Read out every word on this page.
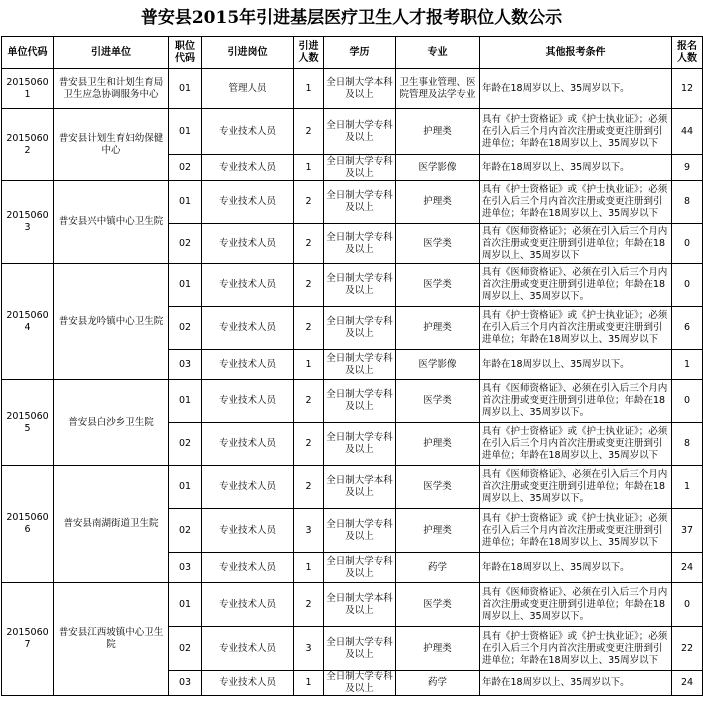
普安县2015年引进基层医疗卫生人才报考职位人数公示
单位代码	引进单位	职位代码	引进岗位	引进人数	学历	专业	其他报考条件	报名人数
20150601	普安县卫生和计划生育局卫生应急协调服务中心	01	管理人员	1	全日制大学本科及以上	卫生事业管理、医院管理及法学专业	年龄在18周岁以上、35周岁以下。	12
20150602	普安县计划生育妇幼保健中心	01	专业技术人员	2	全日制大学专科及以上	护理类	具有《护士资格证》或《护士执业证》；必须在引入后三个月内首次注册或变更注册到引进单位；年龄在18周岁以上、35周岁以下	44
		02	专业技术人员	1	全日制大学专科及以上	医学影像	年龄在18周岁以上、35周岁以下。	9
20150603	普安县兴中镇中心卫生院	01	专业技术人员	2	全日制大学专科及以上	护理类	具有《护士资格证》或《护士执业证》；必须在引入后三个月内首次注册或变更注册到引进单位；年龄在18周岁以上、35周岁以下	8
		02	专业技术人员	2	全日制大学专科及以上	医学类	具有《医师资格证》；必须在引入后三个月内首次注册或变更注册到引进单位；年龄在18周岁以上、35周岁以下	0
20150604	普安县龙吟镇中心卫生院	01	专业技术人员	2	全日制大学专科及以上	医学类	具有《医师资格证》、必须在引入后三个月内首次注册或变更注册到引进单位；年龄在18周岁以上、35周岁以下。	0
		02	专业技术人员	2	全日制大学专科及以上	护理类	具有《护士资格证》或《护士执业证》；必须在引入后三个月内首次注册或变更注册到引进单位；年龄在18周岁以上、35周岁以下	6
		03	专业技术人员	1	全日制大学专科及以上	医学影像	年龄在18周岁以上、35周岁以下。	1
20150605	普安县白沙乡卫生院	01	专业技术人员	2	全日制大学专科及以上	医学类	具有《医师资格证》、必须在引入后三个月内首次注册或变更注册到引进单位；年龄在18周岁以上、35周岁以下。	0
		02	专业技术人员	2	全日制大学专科及以上	护理类	具有《护士资格证》或《护士执业证》；必须在引入后三个月内首次注册或变更注册到引进单位；年龄在18周岁以上、35周岁以下	8
20150606	普安县南湖街道卫生院	01	专业技术人员	2	全日制大学本科及以上	医学类	具有《医师资格证》、必须在引入后三个月内首次注册或变更注册到引进单位；年龄在18周岁以上、35周岁以下。	1
		02	专业技术人员	3	全日制大学专科及以上	护理类	具有《护士资格证》或《护士执业证》；必须在引入后三个月内首次注册或变更注册到引进单位；年龄在18周岁以上、35周岁以下	37
		03	专业技术人员	1	全日制大学专科及以上	药学	年龄在18周岁以上、35周岁以下。	24
20150607	普安县江西坡镇中心卫生院	01	专业技术人员	2	全日制大学本科及以上	医学类	具有《医师资格证》、必须在引入后三个月内首次注册或变更注册到引进单位；年龄在18周岁以上、35周岁以下。	0
		02	专业技术人员	3	全日制大学专科及以上	护理类	具有《护士资格证》或《护士执业证》；必须在引入后三个月内首次注册或变更注册到引进单位；年龄在18周岁以上、35周岁以下	22
		03	专业技术人员	1	全日制大学专科及以上	药学	年龄在18周岁以上、35周岁以下。	24
